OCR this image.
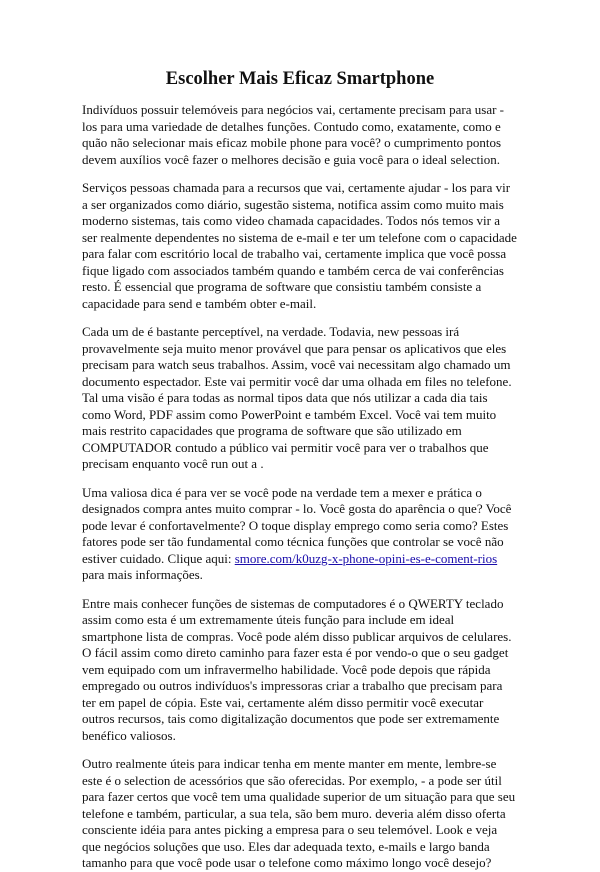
Escolher Mais Eficaz Smartphone

Indivíduos possuir telemóveis para negócios vai, certamente precisam para usar - los para uma variedade de detalhes funções. Contudo como, exatamente, como e quão não selecionar mais eficaz mobile phone para você? o cumprimento pontos devem auxílios você fazer o melhores decisão e guia você para o ideal selection.

Serviços pessoas chamada para a recursos que vai, certamente ajudar - los para vir a ser organizados como diário, sugestão sistema, notifica assim como muito mais moderno sistemas, tais como video chamada capacidades. Todos nós temos vir a ser realmente dependentes no sistema de e-mail e ter um telefone com o capacidade para falar com escritório local de trabalho vai, certamente implica que você possa fique ligado com associados também quando e também cerca de vai conferências resto. É essencial que programa de software que consistiu também consiste a capacidade para send e também obter e-mail.

Cada um de é bastante perceptível, na verdade. Todavia, new pessoas irá provavelmente seja muito menor provável que para pensar os aplicativos que eles precisam para watch seus trabalhos. Assim, você vai necessitam algo chamado um documento espectador. Este vai permitir você dar uma olhada em files no telefone. Tal uma visão é para todas as normal tipos data que nós utilizar a cada dia tais como Word, PDF assim como PowerPoint e também Excel. Você vai tem muito mais restrito capacidades que programa de software que são utilizado em COMPUTADOR contudo a público vai permitir você para ver o trabalhos que precisam enquanto você run out a .

Uma valiosa dica é para ver se você pode na verdade tem a mexer e prática o designados compra antes muito comprar - lo. Você gosta do aparência o que? Você pode levar é confortavelmente? O toque display emprego como seria como? Estes fatores pode ser tão fundamental como técnica funções que controlar se você não estiver cuidado. Clique aqui: smore.com/k0uzg-x-phone-opini-es-e-coment-rios para mais informações.

Entre mais conhecer funções de sistemas de computadores é o QWERTY teclado assim como esta é um extremamente úteis função para include em ideal smartphone lista de compras. Você pode além disso publicar arquivos de celulares. O fácil assim como direto caminho para fazer esta é por vendo-o que o seu gadget vem equipado com um infravermelho habilidade. Você pode depois que rápida empregado ou outros indivíduos's impressoras criar a trabalho que precisam para ter em papel de cópia. Este vai, certamente além disso permitir você executar outros recursos, tais como digitalização documentos que pode ser extremamente benéfico valiosos.

Outro realmente úteis para indicar tenha em mente manter em mente, lembre-se este é o selection de acessórios que são oferecidas. Por exemplo, - a pode ser útil para fazer certos que você tem uma qualidade superior de um situação para que seu telefone e também, particular, a sua tela, são bem muro. deveria além disso oferta consciente idéia para antes picking a empresa para o seu telemóvel. Look e veja que negócios soluções que uso. Eles dar adequada texto, e-mails e largo banda tamanho para que você pode usar o telefone como máximo longo você desejo?
